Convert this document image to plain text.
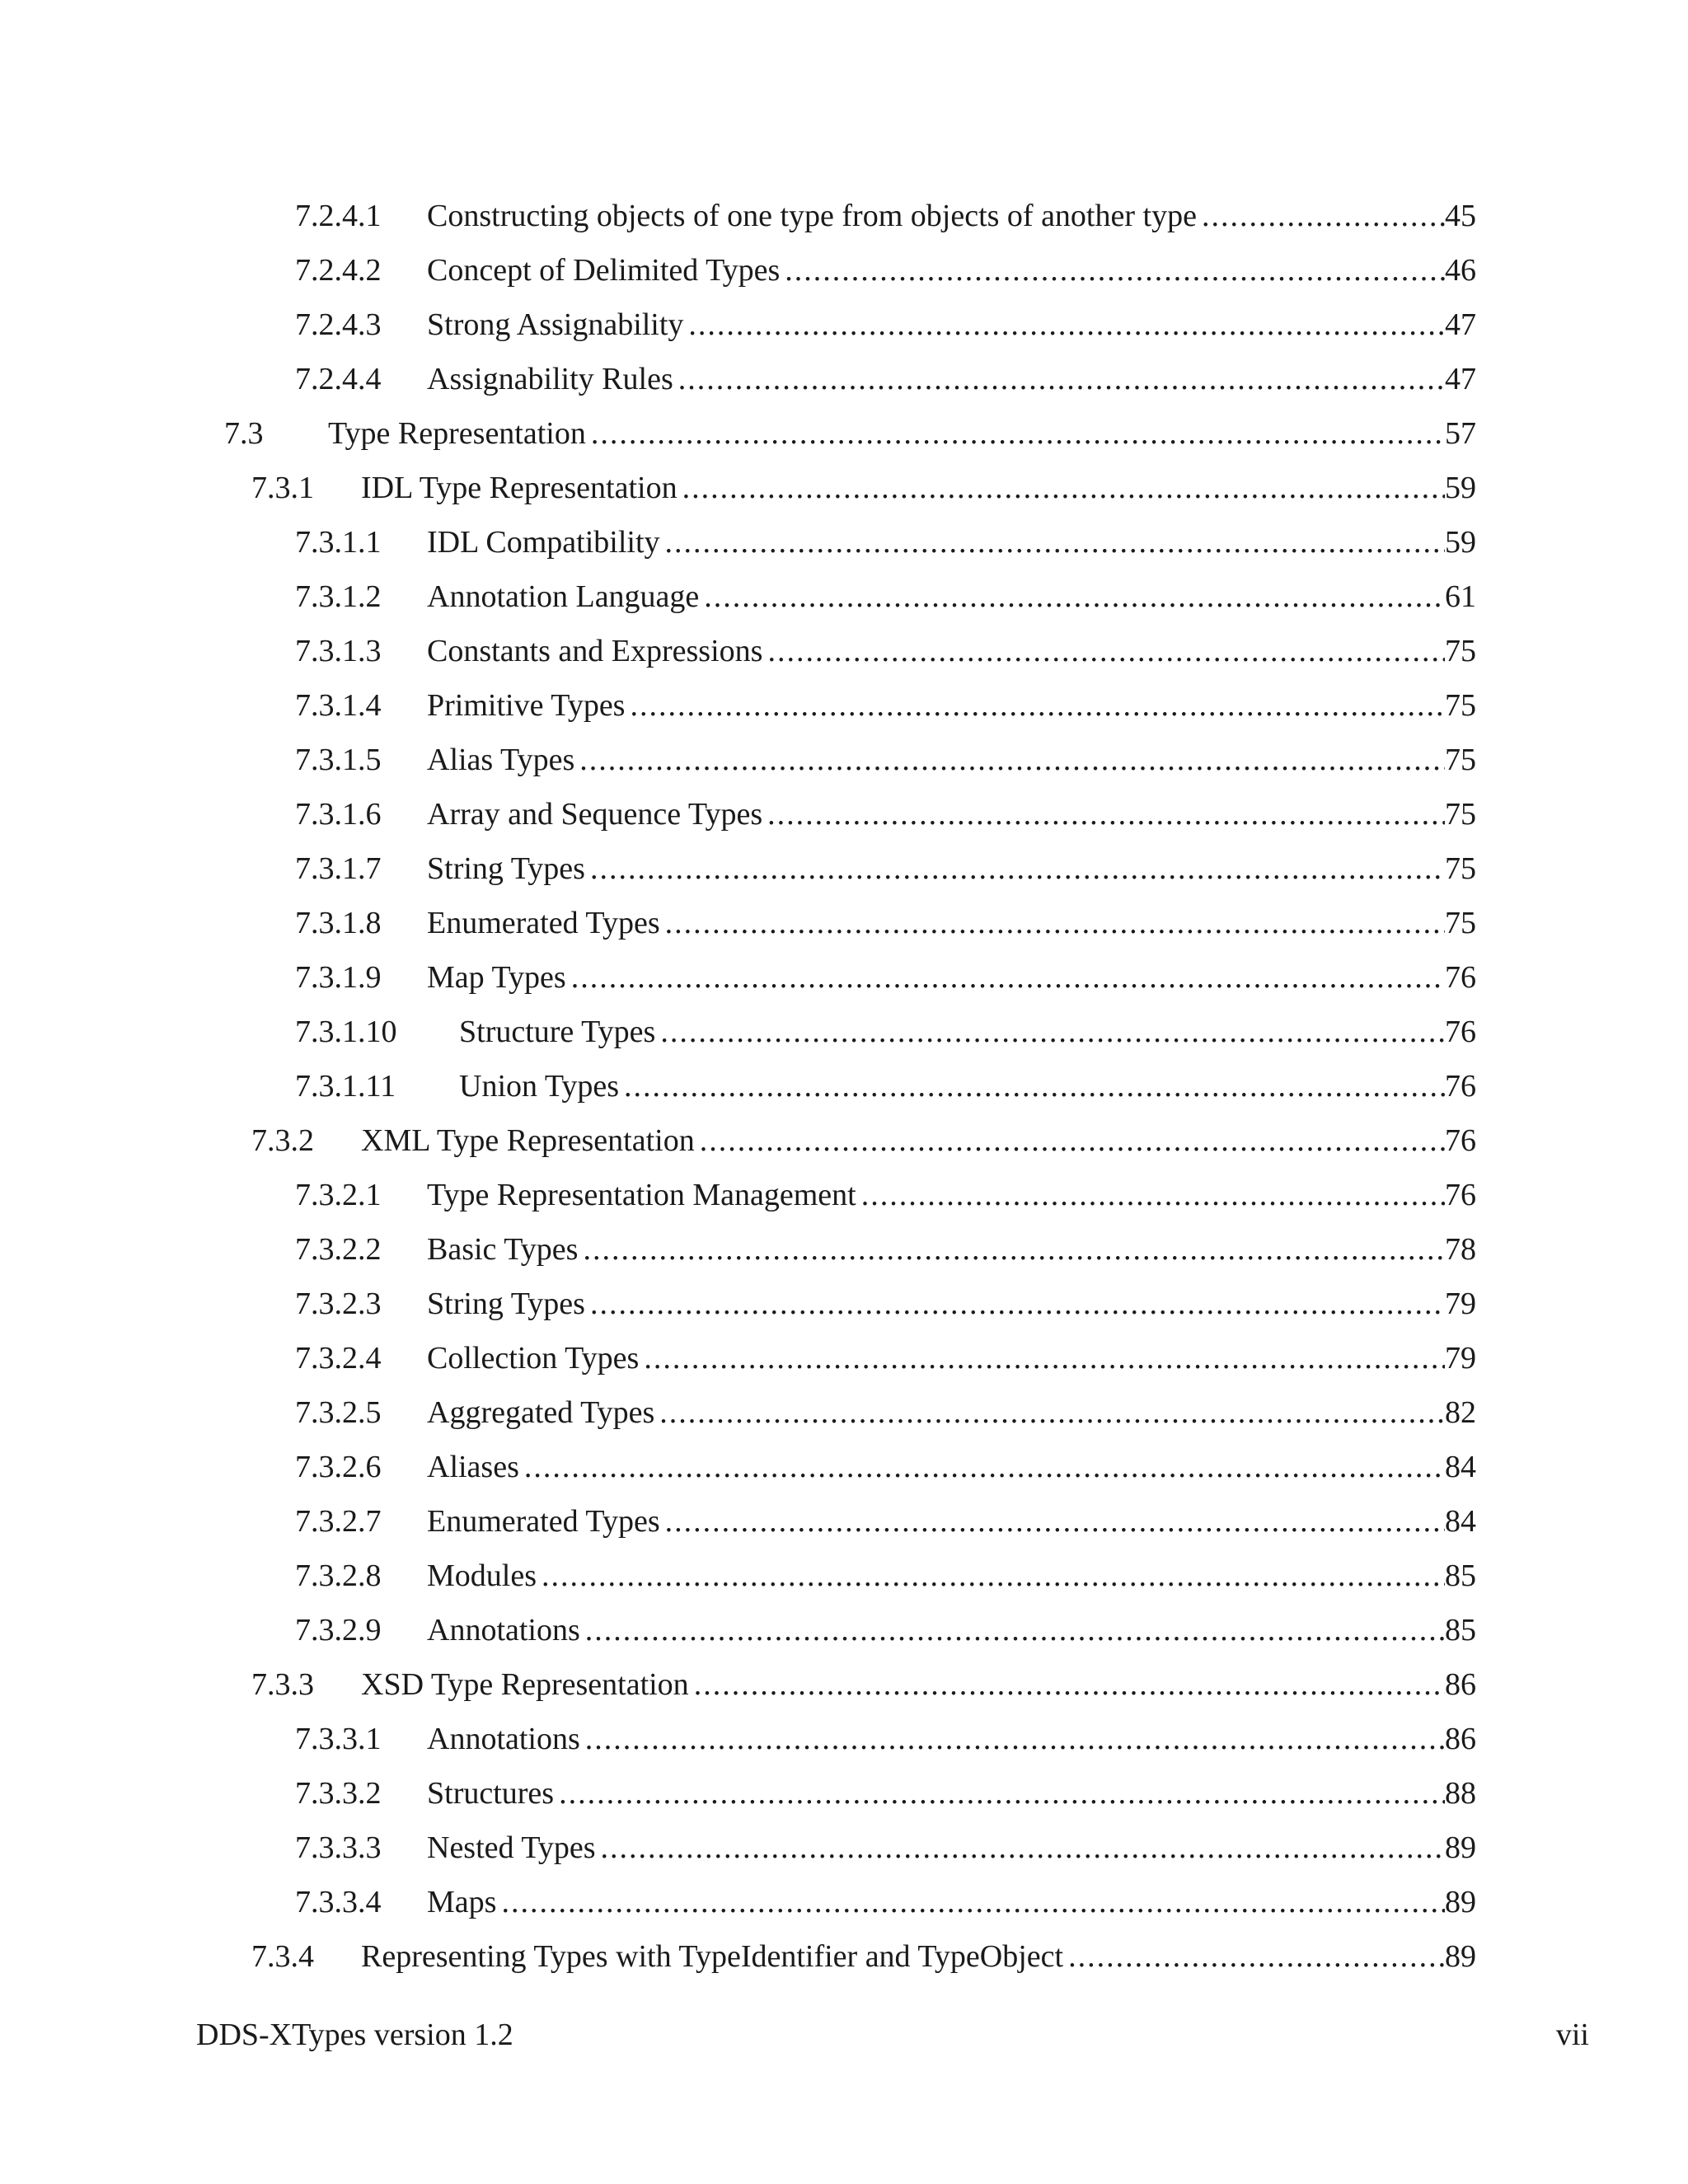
7.2.4.1 Constructing objects of one type from objects of another type .....	45
7.2.4.2 Concept of Delimited Types .....	46
7.2.4.3 Strong Assignability .....	47
7.2.4.4 Assignability Rules .....	47
7.3 Type Representation .....	57
7.3.1 IDL Type Representation .....	59
7.3.1.1 IDL Compatibility .....	59
7.3.1.2 Annotation Language .....	61
7.3.1.3 Constants and Expressions .....	75
7.3.1.4 Primitive Types .....	75
7.3.1.5 Alias Types .....	75
7.3.1.6 Array and Sequence Types .....	75
7.3.1.7 String Types .....	75
7.3.1.8 Enumerated Types .....	75
7.3.1.9 Map Types .....	76
7.3.1.10 Structure Types .....	76
7.3.1.11 Union Types .....	76
7.3.2 XML Type Representation .....	76
7.3.2.1 Type Representation Management .....	76
7.3.2.2 Basic Types .....	78
7.3.2.3 String Types .....	79
7.3.2.4 Collection Types .....	79
7.3.2.5 Aggregated Types .....	82
7.3.2.6 Aliases .....	84
7.3.2.7 Enumerated Types .....	84
7.3.2.8 Modules .....	85
7.3.2.9 Annotations .....	85
7.3.3 XSD Type Representation .....	86
7.3.3.1 Annotations .....	86
7.3.3.2 Structures .....	88
7.3.3.3 Nested Types .....	89
7.3.3.4 Maps .....	89
7.3.4 Representing Types with TypeIdentifier and TypeObject .....	89
DDS-XTypes version 1.2	vii
